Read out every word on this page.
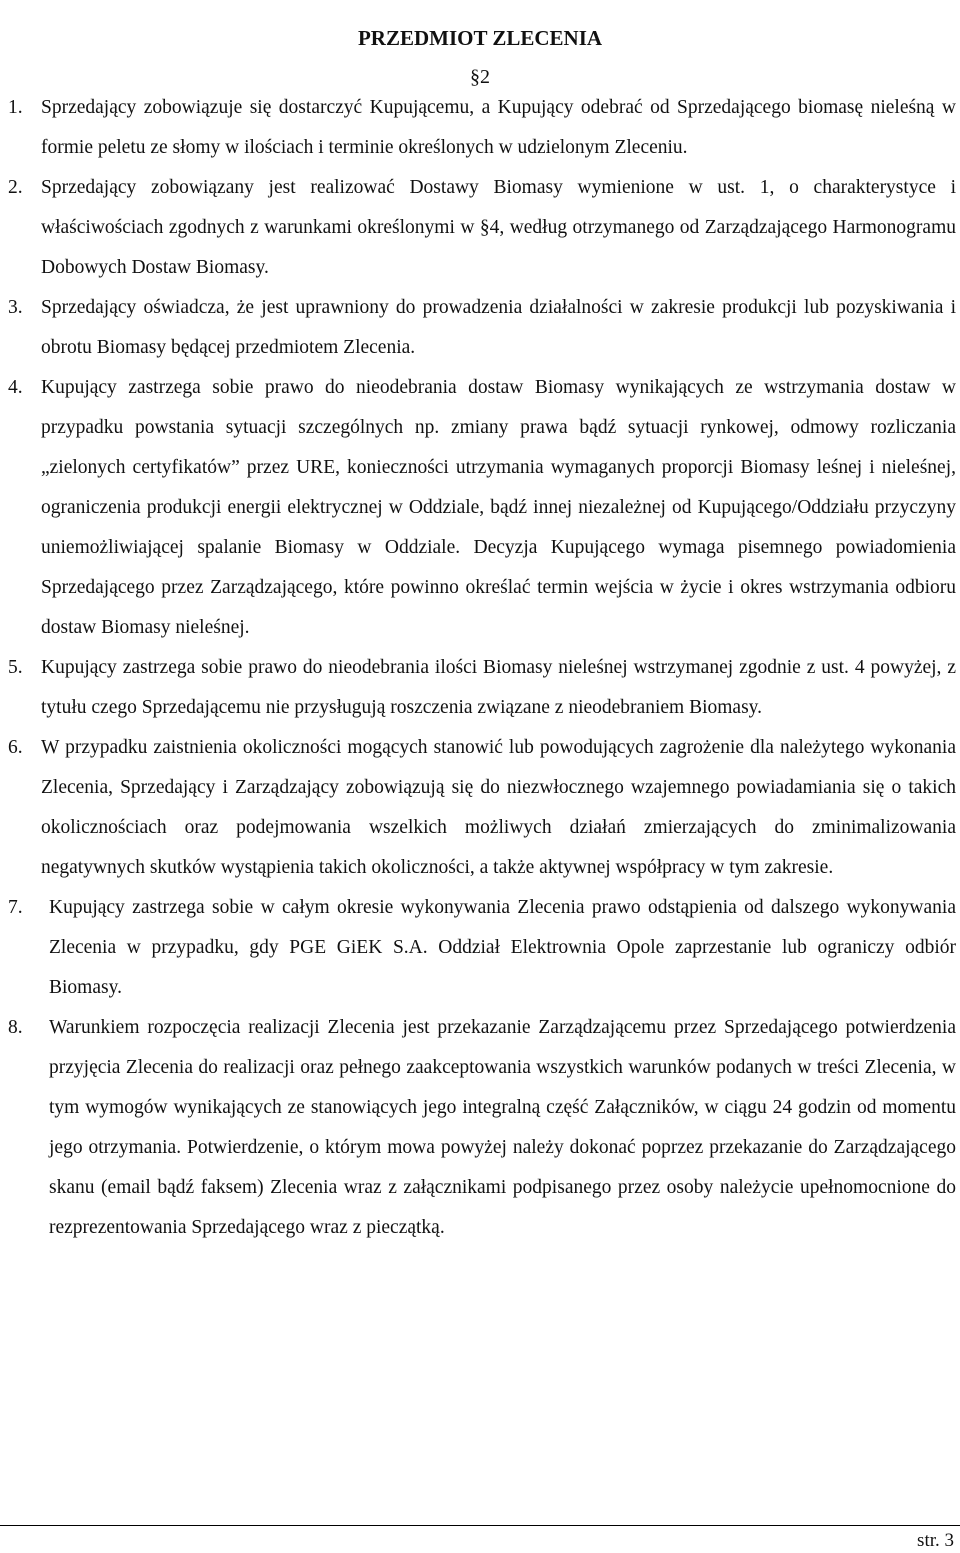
PRZEDMIOT ZLECENIA
§2
1. Sprzedający zobowiązuje się dostarczyć Kupującemu, a Kupujący odebrać od Sprzedającego biomasę nieleśną w formie peletu ze słomy w ilościach i terminie określonych w udzielonym Zleceniu.
2. Sprzedający zobowiązany jest realizować Dostawy Biomasy wymienione w ust. 1, o charakterystyce i właściwościach zgodnych z warunkami określonymi w §4, według otrzymanego od Zarządzającego Harmonogramu Dobowych Dostaw Biomasy.
3. Sprzedający oświadcza, że jest uprawniony do prowadzenia działalności w zakresie produkcji lub pozyskiwania i obrotu Biomasy będącej przedmiotem Zlecenia.
4. Kupujący zastrzega sobie prawo do nieodebrania dostaw Biomasy wynikających ze wstrzymania dostaw w przypadku powstania sytuacji szczególnych np. zmiany prawa bądź sytuacji rynkowej, odmowy rozliczania „zielonych certyfikatów” przez URE, konieczności utrzymania wymaganych proporcji Biomasy leśnej i nieleśnej, ograniczenia produkcji energii elektrycznej w Oddziale, bądź innej niezależnej od Kupującego/Oddziału przyczyny uniemożliwiającej spalanie Biomasy w Oddziale. Decyzja Kupującego wymaga pisemnego powiadomienia Sprzedającego przez Zarządzającego, które powinno określać termin wejścia w życie i okres wstrzymania odbioru dostaw Biomasy nieleśnej.
5. Kupujący zastrzega sobie prawo do nieodebrania ilości Biomasy nieleśnej wstrzymanej zgodnie z ust. 4 powyżej, z tytułu czego Sprzedającemu nie przysługują roszczenia związane z nieodebraniem Biomasy.
6. W przypadku zaistnienia okoliczności mogących stanowić lub powodujących zagrożenie dla należytego wykonania Zlecenia, Sprzedający i Zarządzający zobowiązują się do niezwłocznego wzajemnego powiadamiania się o takich okolicznościach oraz podejmowania wszelkich możliwych działań zmierzających do zminimalizowania negatywnych skutków wystąpienia takich okoliczności, a także aktywnej współpracy w tym zakresie.
7.	Kupujący zastrzega sobie w całym okresie wykonywania Zlecenia prawo odstąpienia od dalszego wykonywania Zlecenia w przypadku, gdy PGE GiEK S.A. Oddział Elektrownia Opole zaprzestanie lub ograniczy odbiór Biomasy.
8.	Warunkiem rozpoczęcia realizacji Zlecenia jest przekazanie Zarządzającemu przez Sprzedającego potwierdzenia przyjęcia Zlecenia do realizacji oraz pełnego zaakceptowania wszystkich warunków podanych w treści Zlecenia, w tym wymogów wynikających ze stanowiących jego integralną część Załączników, w ciągu 24 godzin od momentu jego otrzymania. Potwierdzenie, o którym mowa powyżej należy dokonać poprzez przekazanie do Zarządzającego skanu (email bądź faksem) Zlecenia wraz z załącznikami podpisanego przez osoby należycie upełnomocnione do rezprezentowania Sprzedającego wraz z pieczątką.
str. 3
